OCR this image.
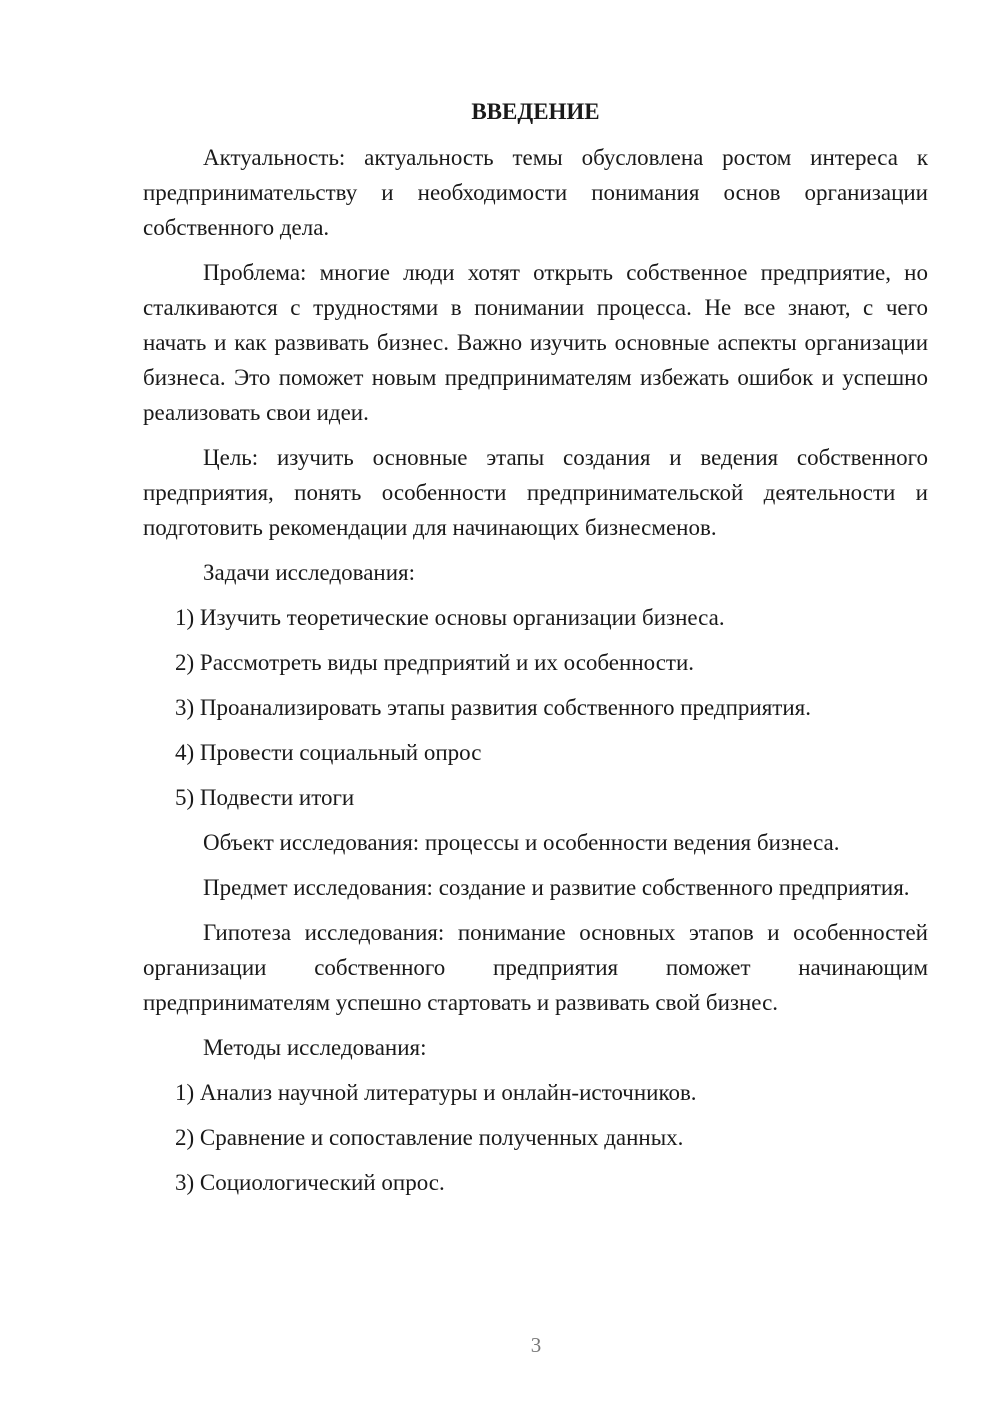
ВВЕДЕНИЕ

Актуальность: актуальность темы обусловлена ростом интереса к предпринимательству и необходимости понимания основ организации собственного дела.

Проблема: многие люди хотят открыть собственное предприятие, но сталкиваются с трудностями в понимании процесса. Не все знают, с чего начать и как развивать бизнес. Важно изучить основные аспекты организации бизнеса. Это поможет новым предпринимателям избежать ошибок и успешно реализовать свои идеи.

Цель: изучить основные этапы создания и ведения собственного предприятия, понять особенности предпринимательской деятельности и подготовить рекомендации для начинающих бизнесменов.

Задачи исследования:

1) Изучить теоретические основы организации бизнеса.

2) Рассмотреть виды предприятий и их особенности.

3) Проанализировать этапы развития собственного предприятия.

4) Провести социальный опрос

5) Подвести итоги

Объект исследования: процессы и особенности ведения бизнеса.

Предмет исследования: создание и развитие собственного предприятия.

Гипотеза исследования: понимание основных этапов и особенностей организации собственного предприятия поможет начинающим предпринимателям успешно стартовать и развивать свой бизнес.

Методы исследования:

1) Анализ научной литературы и онлайн-источников.

2) Сравнение и сопоставление полученных данных.

3) Социологический опрос.

3
